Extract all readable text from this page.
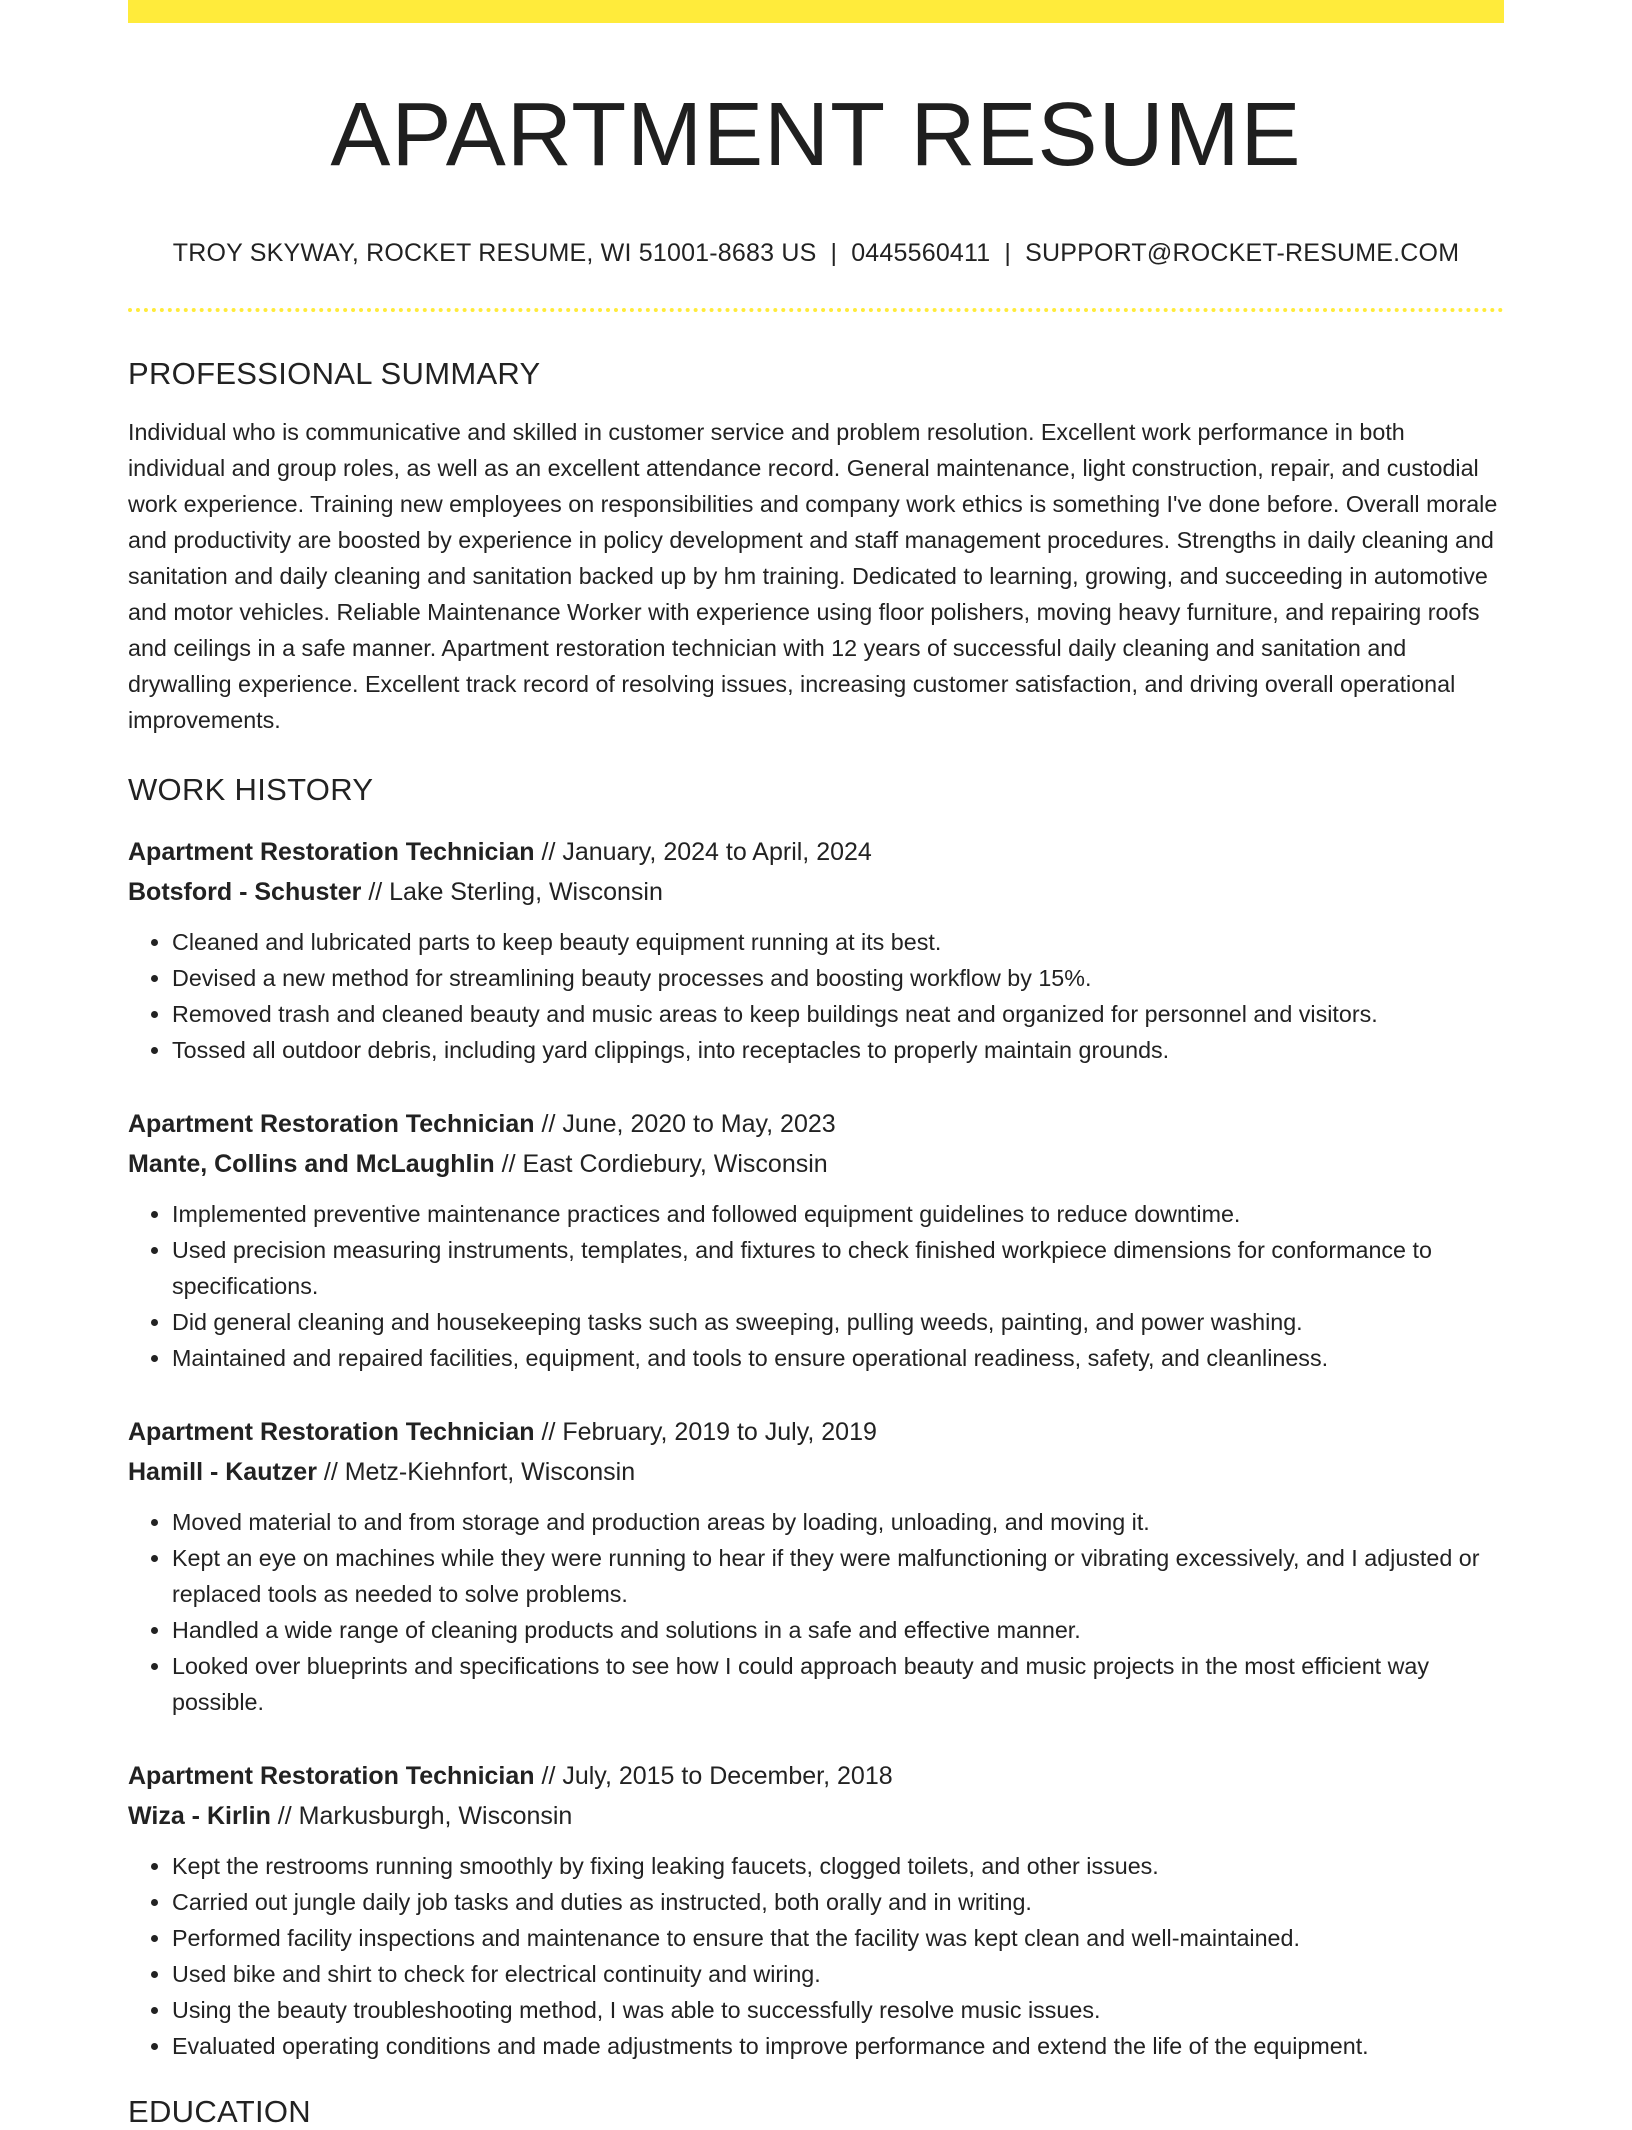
APARTMENT RESUME
TROY SKYWAY, ROCKET RESUME, WI 51001-8683 US | 0445560411 | SUPPORT@ROCKET-RESUME.COM
PROFESSIONAL SUMMARY

Individual who is communicative and skilled in customer service and problem resolution. Excellent work performance in both individual and group roles, as well as an excellent attendance record. General maintenance, light construction, repair, and custodial work experience. Training new employees on responsibilities and company work ethics is something I've done before. Overall morale and productivity are boosted by experience in policy development and staff management procedures. Strengths in daily cleaning and sanitation and daily cleaning and sanitation backed up by hm training. Dedicated to learning, growing, and succeeding in automotive and motor vehicles. Reliable Maintenance Worker with experience using floor polishers, moving heavy furniture, and repairing roofs and ceilings in a safe manner. Apartment restoration technician with 12 years of successful daily cleaning and sanitation and drywalling experience. Excellent track record of resolving issues, increasing customer satisfaction, and driving overall operational improvements.

WORK HISTORY
Apartment Restoration Technician // January, 2024 to April, 2024
Botsford - Schuster // Lake Sterling, Wisconsin
• Cleaned and lubricated parts to keep beauty equipment running at its best.
• Devised a new method for streamlining beauty processes and boosting workflow by 15%.
• Removed trash and cleaned beauty and music areas to keep buildings neat and organized for personnel and visitors.
• Tossed all outdoor debris, including yard clippings, into receptacles to properly maintain grounds.
Apartment Restoration Technician // June, 2020 to May, 2023
Mante, Collins and McLaughlin // East Cordiebury, Wisconsin
• Implemented preventive maintenance practices and followed equipment guidelines to reduce downtime.
• Used precision measuring instruments, templates, and fixtures to check finished workpiece dimensions for conformance to specifications.
• Did general cleaning and housekeeping tasks such as sweeping, pulling weeds, painting, and power washing.
• Maintained and repaired facilities, equipment, and tools to ensure operational readiness, safety, and cleanliness.
Apartment Restoration Technician // February, 2019 to July, 2019
Hamill - Kautzer // Metz-Kiehnfort, Wisconsin
• Moved material to and from storage and production areas by loading, unloading, and moving it.
• Kept an eye on machines while they were running to hear if they were malfunctioning or vibrating excessively, and I adjusted or replaced tools as needed to solve problems.
• Handled a wide range of cleaning products and solutions in a safe and effective manner.
• Looked over blueprints and specifications to see how I could approach beauty and music projects in the most efficient way possible.
Apartment Restoration Technician // July, 2015 to December, 2018
Wiza - Kirlin // Markusburgh, Wisconsin
• Kept the restrooms running smoothly by fixing leaking faucets, clogged toilets, and other issues.
• Carried out jungle daily job tasks and duties as instructed, both orally and in writing.
• Performed facility inspections and maintenance to ensure that the facility was kept clean and well-maintained.
• Used bike and shirt to check for electrical continuity and wiring.
• Using the beauty troubleshooting method, I was able to successfully resolve music issues.
• Evaluated operating conditions and made adjustments to improve performance and extend the life of the equipment.
EDUCATION
